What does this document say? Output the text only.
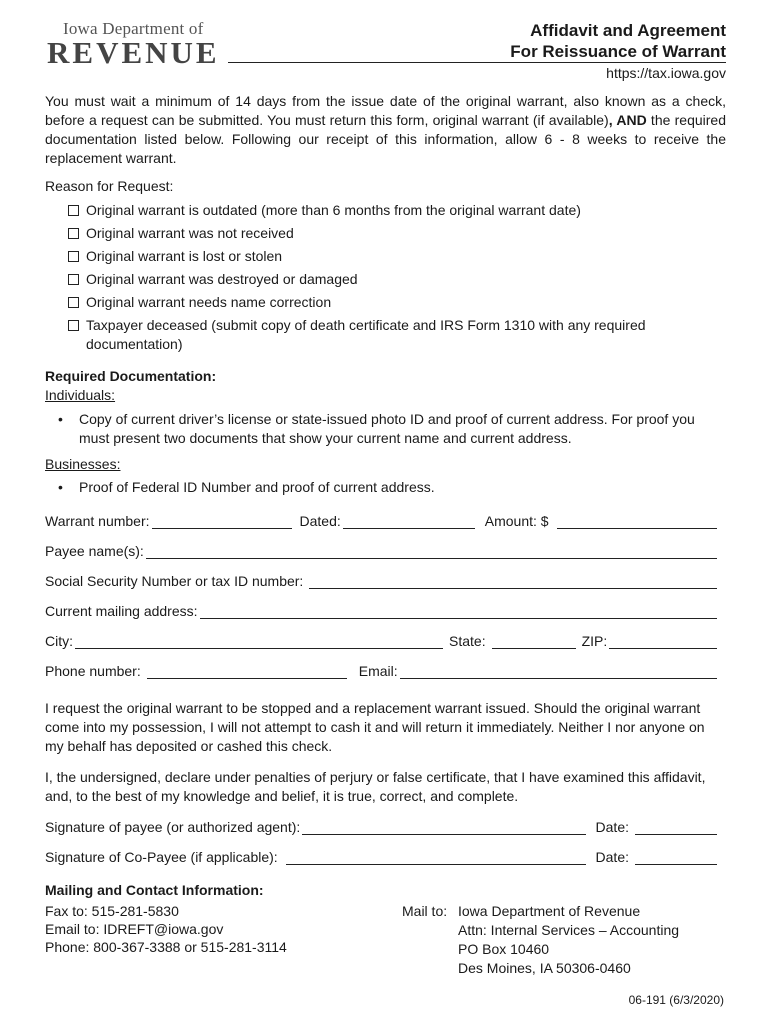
Iowa Department of
REVENUE
Affidavit and Agreement
For Reissuance of Warrant
https://tax.iowa.gov

You must wait a minimum of 14 days from the issue date of the original warrant, also known as a check, before a request can be submitted. You must return this form, original warrant (if available), AND the required documentation listed below. Following our receipt of this information, allow 6 - 8 weeks to receive the replacement warrant.

Reason for Request:
Original warrant is outdated (more than 6 months from the original warrant date)
Original warrant was not received
Original warrant is lost or stolen
Original warrant was destroyed or damaged
Original warrant needs name correction
Taxpayer deceased (submit copy of death certificate and IRS Form 1310 with any required documentation)
Required Documentation:
Individuals:
•	Copy of current driver’s license or state-issued photo ID and proof of current address. For proof you must present two documents that show your current name and current address.
Businesses:
•	Proof of Federal ID Number and proof of current address.
Warrant number:	Dated:	Amount: $
Payee name(s):
Social Security Number or tax ID number:
Current mailing address:
City:	State:	ZIP:
Phone number:	Email:

I request the original warrant to be stopped and a replacement warrant issued. Should the original warrant come into my possession, I will not attempt to cash it and will return it immediately. Neither I nor anyone on my behalf has deposited or cashed this check.

I, the undersigned, declare under penalties of perjury or false certificate, that I have examined this affidavit, and, to the best of my knowledge and belief, it is true, correct, and complete.

Signature of payee (or authorized agent):	Date:
Signature of Co-Payee (if applicable):	Date:
Mailing and Contact Information:
Fax to: 515-281-5830
Email to: IDREFT@iowa.gov
Phone: 800-367-3388 or 515-281-3114
Mail to: Iowa Department of Revenue
Attn: Internal Services – Accounting
PO Box 10460
Des Moines, IA 50306-0460
06-191 (6/3/2020)
